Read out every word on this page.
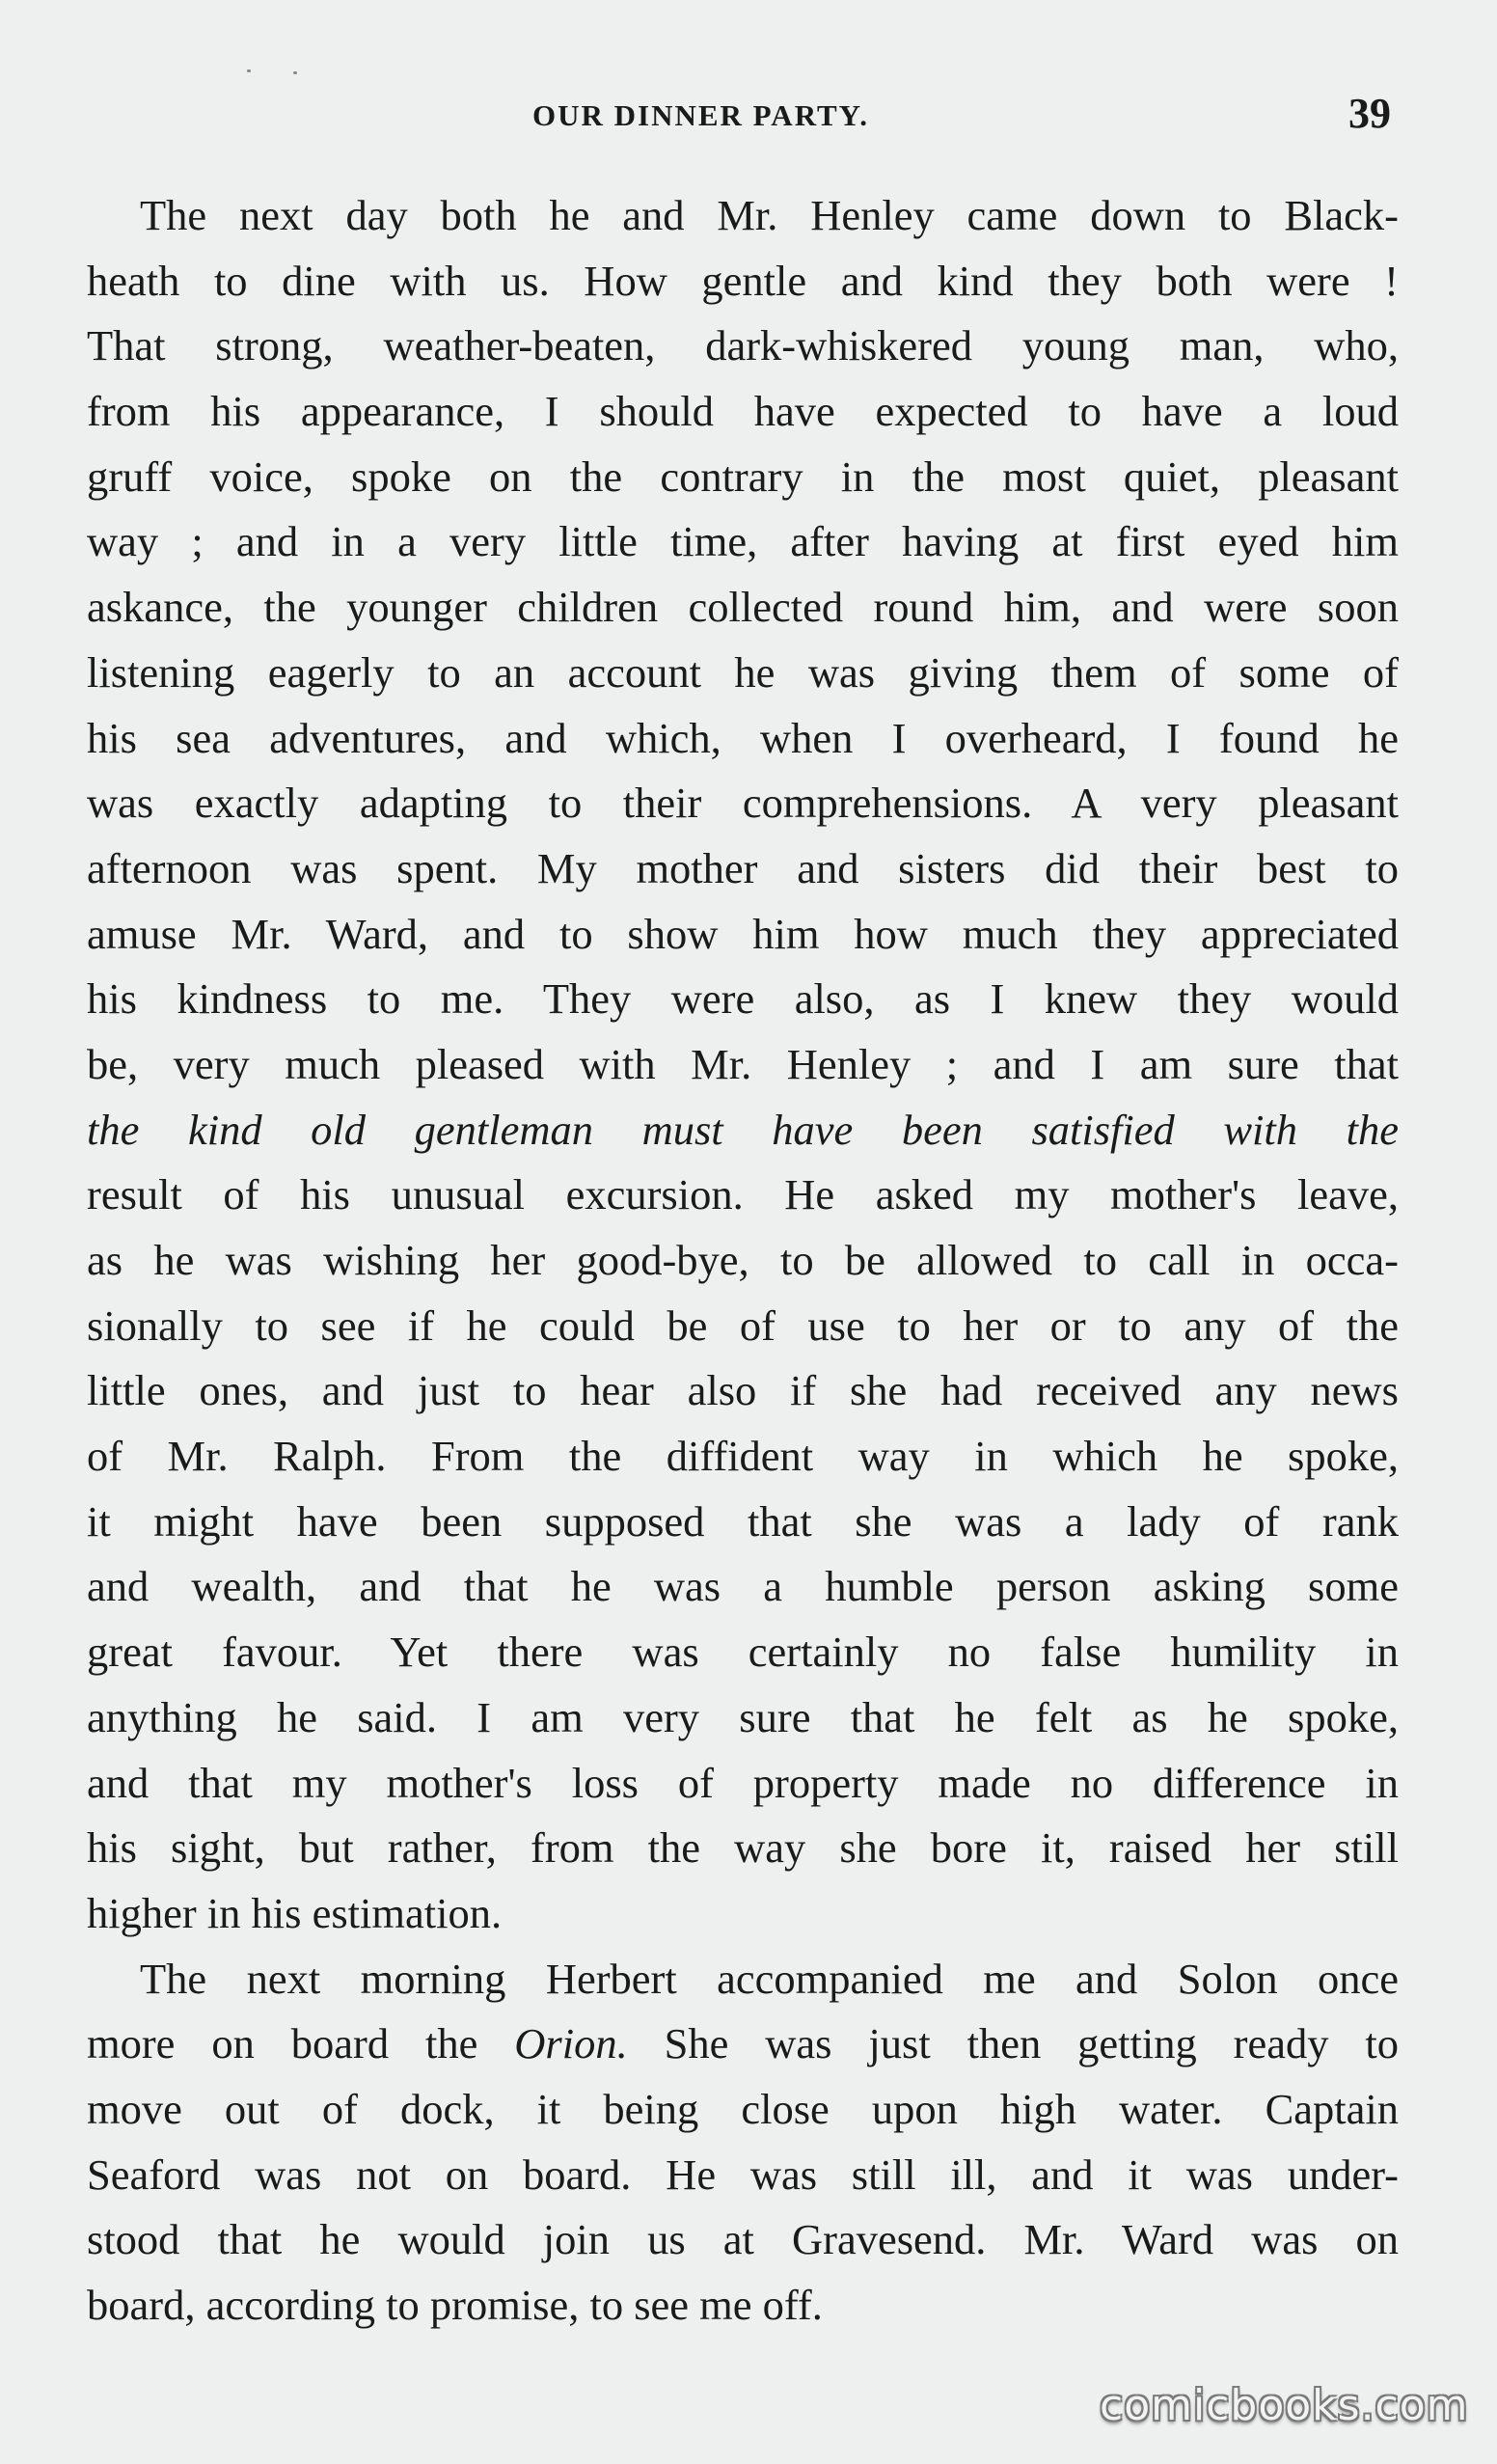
OUR DINNER PARTY.	39
The next day both he and Mr. Henley came down to Black-
heath to dine with us. How gentle and kind they both were !
That strong, weather-beaten, dark-whiskered young man, who,
from his appearance, I should have expected to have a loud
gruff voice, spoke on the contrary in the most quiet, pleasant
way ; and in a very little time, after having at first eyed him
askance, the younger children collected round him, and were soon
listening eagerly to an account he was giving them of some of
his sea adventures, and which, when I overheard, I found he
was exactly adapting to their comprehensions. A very pleasant
afternoon was spent. My mother and sisters did their best to
amuse Mr. Ward, and to show him how much they appreciated
his kindness to me. They were also, as I knew they would
be, very much pleased with Mr. Henley ; and I am sure that
the kind old gentleman must have been satisfied with the
result of his unusual excursion. He asked my mother's leave,
as he was wishing her good-bye, to be allowed to call in occa-
sionally to see if he could be of use to her or to any of the
little ones, and just to hear also if she had received any news
of Mr. Ralph. From the diffident way in which he spoke,
it might have been supposed that she was a lady of rank
and wealth, and that he was a humble person asking some
great favour. Yet there was certainly no false humility in
anything he said. I am very sure that he felt as he spoke,
and that my mother's loss of property made no difference in
his sight, but rather, from the way she bore it, raised her still
higher in his estimation.
The next morning Herbert accompanied me and Solon once
more on board the Orion. She was just then getting ready to
move out of dock, it being close upon high water. Captain
Seaford was not on board. He was still ill, and it was under-
stood that he would join us at Gravesend. Mr. Ward was on
board, according to promise, to see me off.
comicbooks.com
